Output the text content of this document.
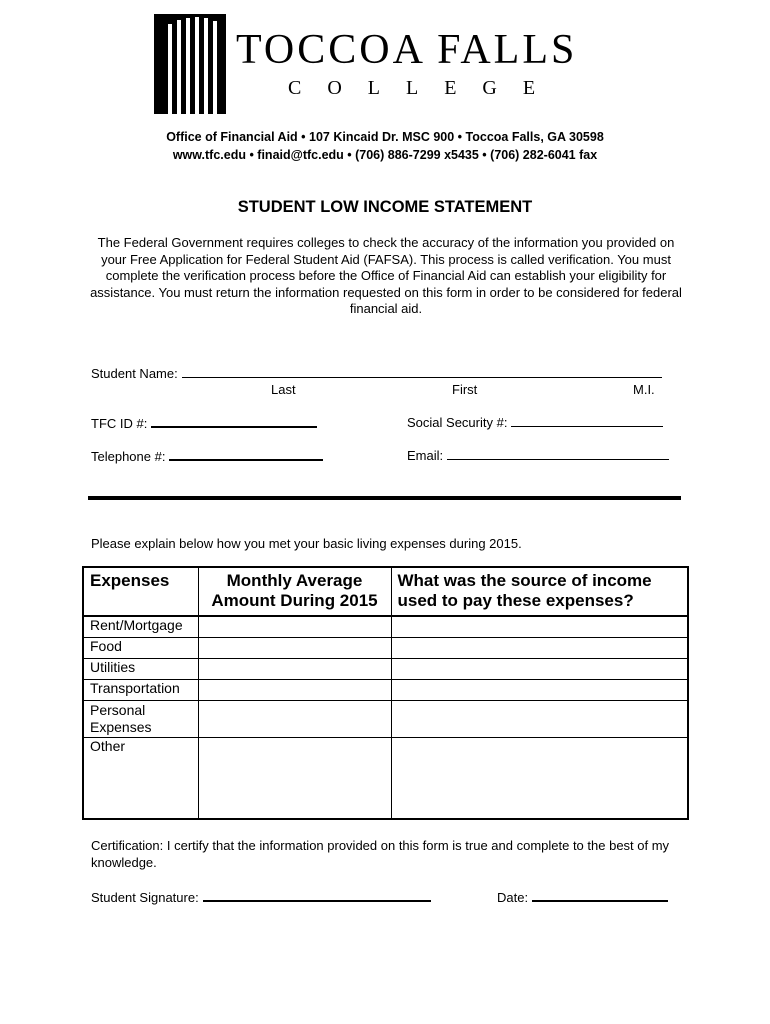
TOCCOA FALLS
COLLEGE
Office of Financial Aid • 107 Kincaid Dr. MSC 900 • Toccoa Falls, GA 30598
www.tfc.edu • finaid@tfc.edu • (706) 886-7299 x5435 • (706) 282-6041 fax
STUDENT LOW INCOME STATEMENT
The Federal Government requires colleges to check the accuracy of the information you provided on your Free Application for Federal Student Aid (FAFSA). This process is called verification. You must complete the verification process before the Office of Financial Aid can establish your eligibility for assistance. You must return the information requested on this form in order to be considered for federal financial aid.
Student Name:
Last	First	M.I.
TFC ID #:	Social Security #:
Telephone #:	Email:
Please explain below how you met your basic living expenses during 2015.
Expenses	Monthly Average Amount During 2015	What was the source of income used to pay these expenses?
Rent/Mortgage		
Food		
Utilities		
Transportation		
Personal Expenses		
Other		
Certification: I certify that the information provided on this form is true and complete to the best of my knowledge.
Student Signature:	Date:
